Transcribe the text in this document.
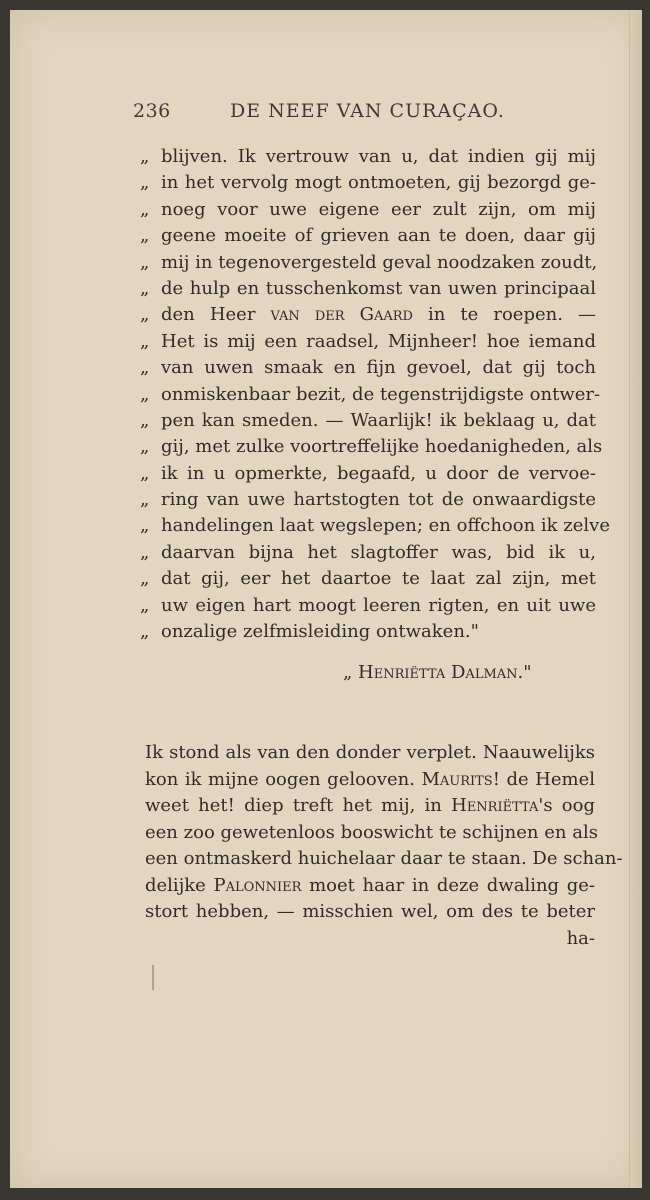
236	DE NEEF VAN CURAÇAO.
„ blijven. Ik vertrouw van u, dat indien gij mij
„ in het vervolg mogt ontmoeten, gij bezorgd ge-
„ noeg voor uwe eigene eer zult zijn, om mij
„ geene moeite of grieven aan te doen, daar gij
„ mij in tegenovergesteld geval noodzaken zoudt,
„ de hulp en tusschenkomst van uwen principaal
„ den Heer van der Gaard in te roepen. —
„ Het is mij een raadsel, Mijnheer! hoe iemand
„ van uwen smaak en fijn gevoel, dat gij toch
„ onmiskenbaar bezit, de tegenstrijdigste ontwer-
„ pen kan smeden. — Waarlijk! ik beklaag u, dat
„ gij, met zulke voortreffelijke hoedanigheden, als
„ ik in u opmerkte, begaafd, u door de vervoe-
„ ring van uwe hartstogten tot de onwaardigste
„ handelingen laat wegslepen; en offchoon ik zelve
„ daarvan bijna het slagtoffer was, bid ik u,
„ dat gij, eer het daartoe te laat zal zijn, met
„ uw eigen hart moogt leeren rigten, en uit uwe
„ onzalige zelfmisleiding ontwaken."
„ Henriëtta Dalman."
Ik stond als van den donder verplet. Naauwelijks
kon ik mijne oogen gelooven. Maurits! de Hemel
weet het! diep treft het mij, in Henriëtta's oog
een zoo gewetenloos booswicht te schijnen en als
een ontmaskerd huichelaar daar te staan. De schan-
delijke Palonnier moet haar in deze dwaling ge-
stort hebben, — misschien wel, om des te beter
ha-
